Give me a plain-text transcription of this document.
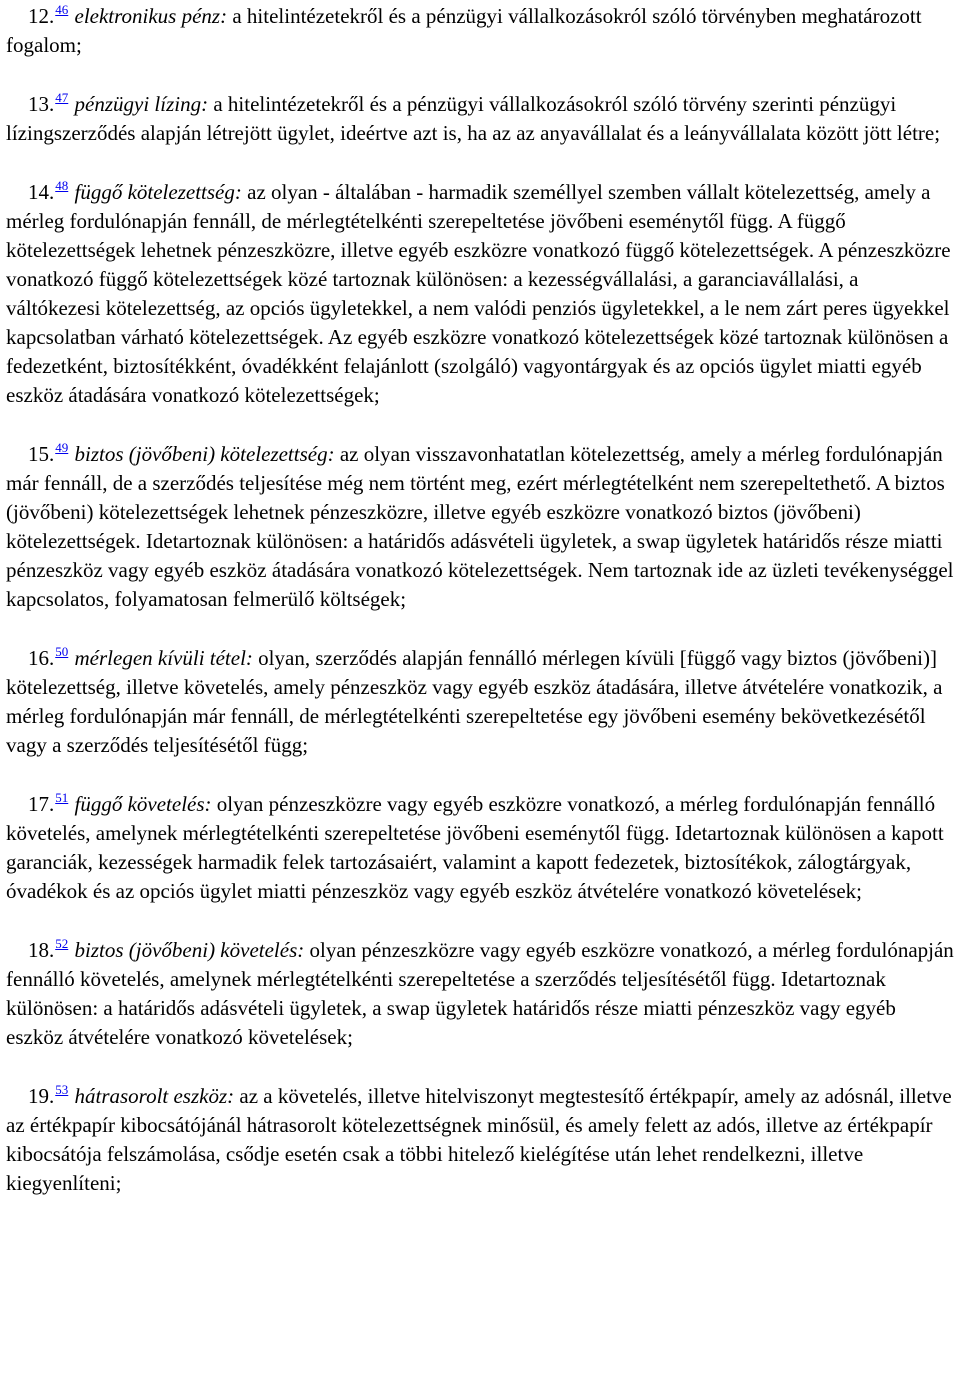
12.46 elektronikus pénz: a hitelintézetekről és a pénzügyi vállalkozásokról szóló törvényben meghatározott fogalom;

13.47 pénzügyi lízing: a hitelintézetekről és a pénzügyi vállalkozásokról szóló törvény szerinti pénzügyi lízingszerződés alapján létrejött ügylet, ideértve azt is, ha az az anyavállalat és a leányvállalata között jött létre;

14.48 függő kötelezettség: az olyan - általában - harmadik személlyel szemben vállalt kötelezettség, amely a mérleg fordulónapján fennáll, de mérlegtételkénti szerepeltetése jövőbeni eseménytől függ. A függő kötelezettségek lehetnek pénzeszközre, illetve egyéb eszközre vonatkozó függő kötelezettségek. A pénzeszközre vonatkozó függő kötelezettségek közé tartoznak különösen: a kezességvállalási, a garanciavállalási, a váltókezesi kötelezettség, az opciós ügyletekkel, a nem valódi penziós ügyletekkel, a le nem zárt peres ügyekkel kapcsolatban várható kötelezettségek. Az egyéb eszközre vonatkozó kötelezettségek közé tartoznak különösen a fedezetként, biztosítékként, óvadékként felajánlott (szolgáló) vagyontárgyak és az opciós ügylet miatti egyéb eszköz átadására vonatkozó kötelezettségek;

15.49 biztos (jövőbeni) kötelezettség: az olyan visszavonhatatlan kötelezettség, amely a mérleg fordulónapján már fennáll, de a szerződés teljesítése még nem történt meg, ezért mérlegtételként nem szerepeltethető. A biztos (jövőbeni) kötelezettségek lehetnek pénzeszközre, illetve egyéb eszközre vonatkozó biztos (jövőbeni) kötelezettségek. Idetartoznak különösen: a határidős adásvételi ügyletek, a swap ügyletek határidős része miatti pénzeszköz vagy egyéb eszköz átadására vonatkozó kötelezettségek. Nem tartoznak ide az üzleti tevékenységgel kapcsolatos, folyamatosan felmerülő költségek;

16.50 mérlegen kívüli tétel: olyan, szerződés alapján fennálló mérlegen kívüli [függő vagy biztos (jövőbeni)] kötelezettség, illetve követelés, amely pénzeszköz vagy egyéb eszköz átadására, illetve átvételére vonatkozik, a mérleg fordulónapján már fennáll, de mérlegtételkénti szerepeltetése egy jövőbeni esemény bekövetkezésétől vagy a szerződés teljesítésétől függ;

17.51 függő követelés: olyan pénzeszközre vagy egyéb eszközre vonatkozó, a mérleg fordulónapján fennálló követelés, amelynek mérlegtételkénti szerepeltetése jövőbeni eseménytől függ. Idetartoznak különösen a kapott garanciák, kezességek harmadik felek tartozásaiért, valamint a kapott fedezetek, biztosítékok, zálogtárgyak, óvadékok és az opciós ügylet miatti pénzeszköz vagy egyéb eszköz átvételére vonatkozó követelések;

18.52 biztos (jövőbeni) követelés: olyan pénzeszközre vagy egyéb eszközre vonatkozó, a mérleg fordulónapján fennálló követelés, amelynek mérlegtételkénti szerepeltetése a szerződés teljesítésétől függ. Idetartoznak különösen: a határidős adásvételi ügyletek, a swap ügyletek határidős része miatti pénzeszköz vagy egyéb eszköz átvételére vonatkozó követelések;

19.53 hátrasorolt eszköz: az a követelés, illetve hitelviszonyt megtestesítő értékpapír, amely az adósnál, illetve az értékpapír kibocsátójánál hátrasorolt kötelezettségnek minősül, és amely felett az adós, illetve az értékpapír kibocsátója felszámolása, csődje esetén csak a többi hitelező kielégítése után lehet rendelkezni, illetve kiegyenlíteni;
